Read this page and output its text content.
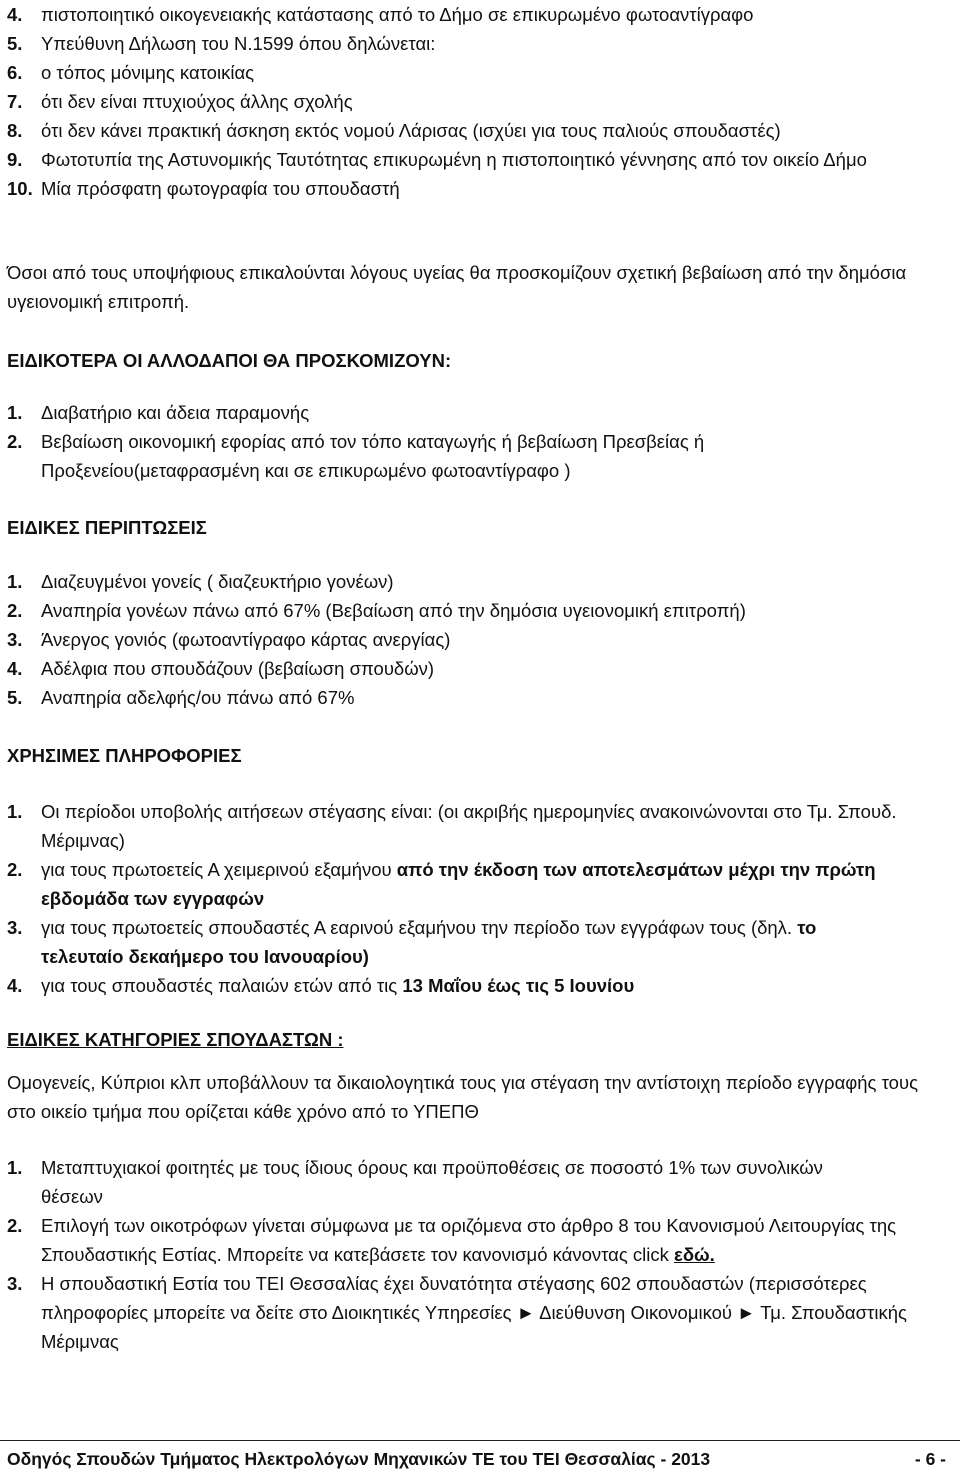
4. πιστοποιητικό οικογενειακής κατάστασης από το Δήμο σε επικυρωμένο φωτοαντίγραφο
5. Υπεύθυνη Δήλωση του Ν.1599 όπου δηλώνεται:
6. ο τόπος μόνιμης κατοικίας
7. ότι δεν είναι πτυχιούχος άλλης σχολής
8. ότι δεν κάνει πρακτική άσκηση εκτός νομού Λάρισας (ισχύει για τους παλιούς σπουδαστές)
9. Φωτοτυπία της Αστυνομικής Ταυτότητας επικυρωμένη η πιστοποιητικό γέννησης από τον οικείο Δήμο
10. Μία πρόσφατη φωτογραφία του σπουδαστή

Όσοι από τους υποψήφιους επικαλούνται λόγους υγείας θα προσκομίζουν σχετική βεβαίωση από την δημόσια υγειονομική επιτροπή.

ΕΙΔΙΚΟΤΕΡΑ ΟΙ ΑΛΛΟΔΑΠΟΙ ΘΑ ΠΡΟΣΚΟΜΙΖΟΥΝ:
1. Διαβατήριο και άδεια παραμονής
2. Βεβαίωση οικονομική εφορίας από τον τόπο καταγωγής ή βεβαίωση Πρεσβείας ή Προξενείου(μεταφρασμένη και σε επικυρωμένο φωτοαντίγραφο )
ΕΙΔΙΚΕΣ ΠΕΡΙΠΤΩΣΕΙΣ
1. Διαζευγμένοι γονείς ( διαζευκτήριο γονέων)
2. Αναπηρία γονέων πάνω από 67% (Βεβαίωση από την δημόσια υγειονομική επιτροπή)
3. Άνεργος γονιός (φωτοαντίγραφο κάρτας ανεργίας)
4. Αδέλφια που σπουδάζουν (βεβαίωση σπουδών)
5. Αναπηρία αδελφής/ου πάνω από 67%
ΧΡΗΣΙΜΕΣ ΠΛΗΡΟΦΟΡΙΕΣ
1. Οι περίοδοι υποβολής αιτήσεων στέγασης είναι: (οι ακριβής ημερομηνίες ανακοινώνονται στο Τμ. Σπουδ. Μέριμνας)
2. για τους πρωτοετείς Α χειμερινού εξαμήνου από την έκδοση των αποτελεσμάτων μέχρι την πρώτη εβδομάδα των εγγραφών
3. για τους πρωτοετείς σπουδαστές Α εαρινού εξαμήνου την περίοδο των εγγράφων τους (δηλ. το τελευταίο δεκαήμερο του Ιανουαρίου)
4. για τους σπουδαστές παλαιών ετών από τις 13 Μαΐου έως τις 5 Ιουνίου
ΕΙΔΙΚΕΣ ΚΑΤΗΓΟΡΙΕΣ ΣΠΟΥΔΑΣΤΩΝ :

Ομογενείς, Κύπριοι κλπ υποβάλλουν τα δικαιολογητικά τους για στέγαση την αντίστοιχη περίοδο εγγραφής τους στο οικείο τμήμα που ορίζεται κάθε χρόνο από το ΥΠΕΠΘ

1. Μεταπτυχιακοί φοιτητές με τους ίδιους όρους και προϋποθέσεις σε ποσοστό 1% των συνολικών θέσεων
2. Επιλογή των οικοτρόφων γίνεται σύμφωνα με τα οριζόμενα στο άρθρο 8 του Κανονισμού Λειτουργίας της Σπουδαστικής Εστίας. Μπορείτε να κατεβάσετε τον κανονισμό κάνοντας click εδώ.
3. Η σπουδαστική Εστία του ΤΕΙ Θεσσαλίας έχει δυνατότητα στέγασης 602 σπουδαστών (περισσότερες πληροφορίες μπορείτε να δείτε στο Διοικητικές Υπηρεσίες ► Διεύθυνση Οικονομικού ► Τμ. Σπουδαστικής Μέριμνας
Οδηγός Σπουδών Τμήματος Ηλεκτρολόγων Μηχανικών ΤΕ του ΤΕΙ Θεσσαλίας - 2013	- 6 -
